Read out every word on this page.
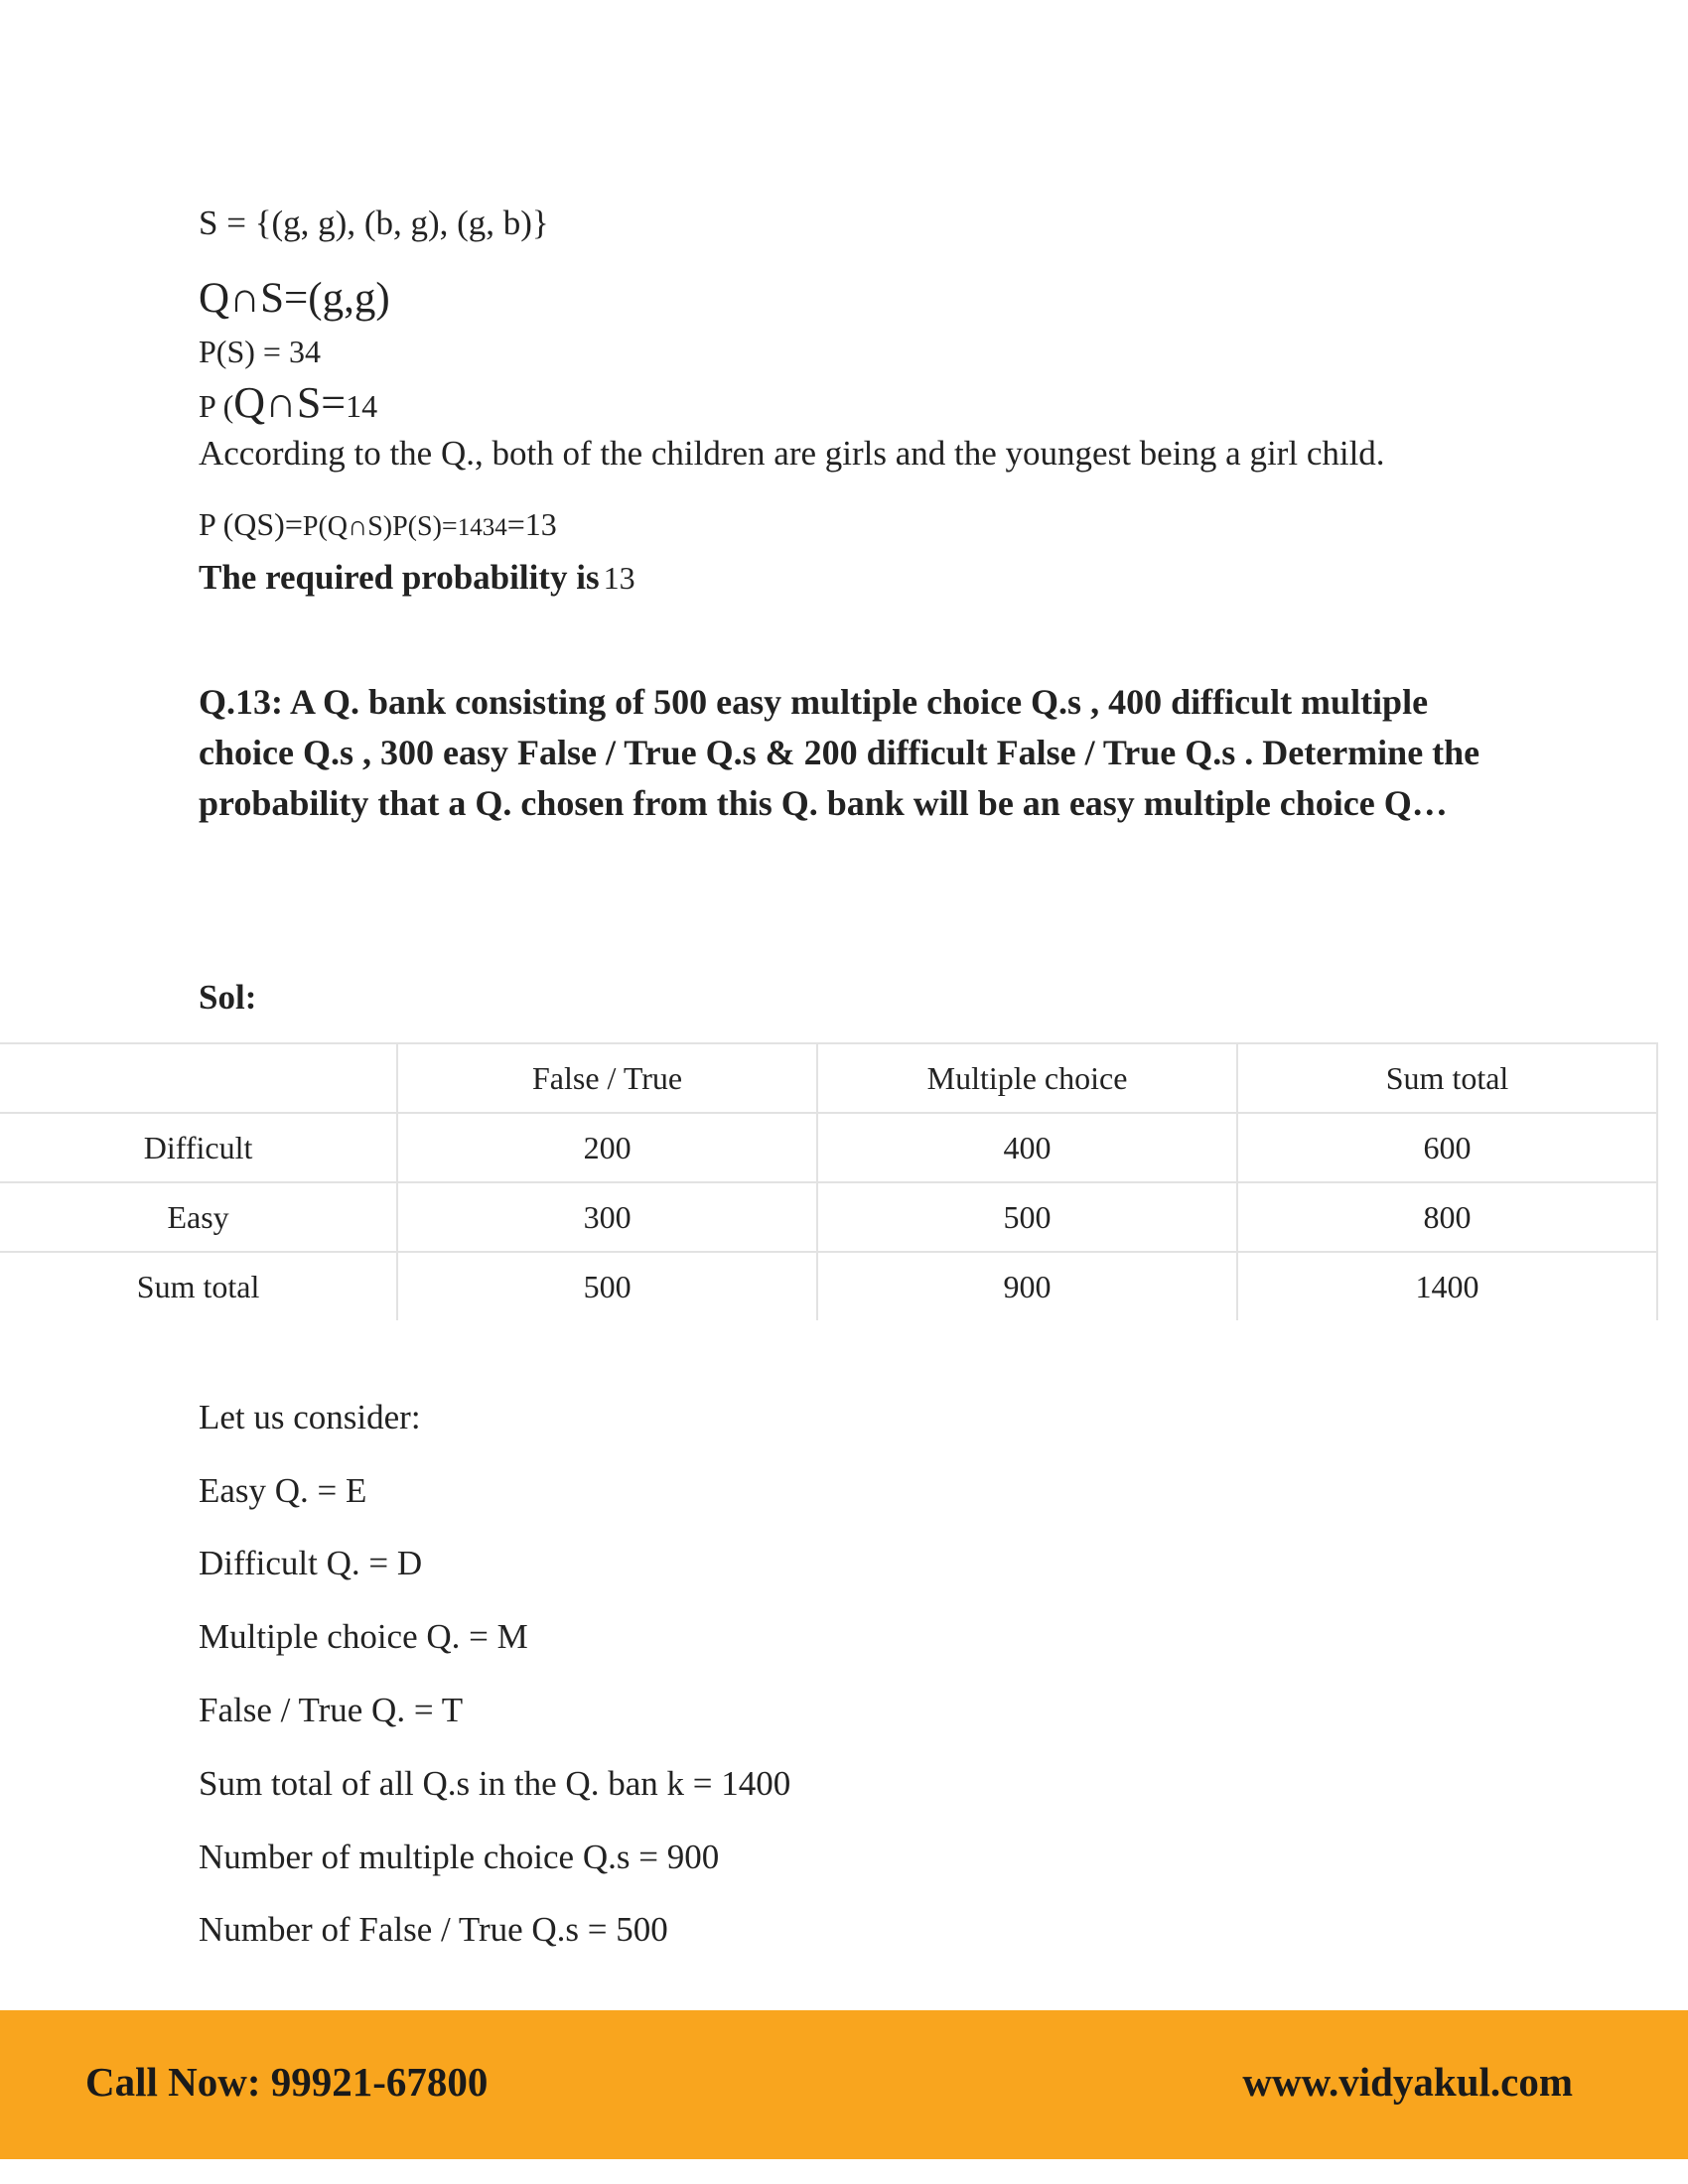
S = {(g, g), (b, g), (g, b)}
Q∩S=(g,g)
P(S) = 34
P (Q∩S=14
According to the Q., both of the children are girls and the youngest being a girl child.
P (QS)=P(Q∩S)P(S)=1434=13
The required probability is 13
Q.13: A Q. bank consisting of 500 easy multiple choice Q.s , 400 difficult multiple choice Q.s , 300 easy False / True Q.s & 200 difficult False / True Q.s . Determine the probability that a Q. chosen from this Q. bank will be an easy multiple choice Q…
Sol:
	False / True	Multiple choice	Sum total
Difficult	200	400	600
Easy	300	500	800
Sum total	500	900	1400
Let us consider:
Easy Q. = E
Difficult Q. = D
Multiple choice Q. = M
False / True Q. = T
Sum total of all Q.s in the Q. ban k = 1400
Number of multiple choice Q.s = 900
Number of False / True Q.s = 500
Call Now: 99921-67800	www.vidyakul.com
